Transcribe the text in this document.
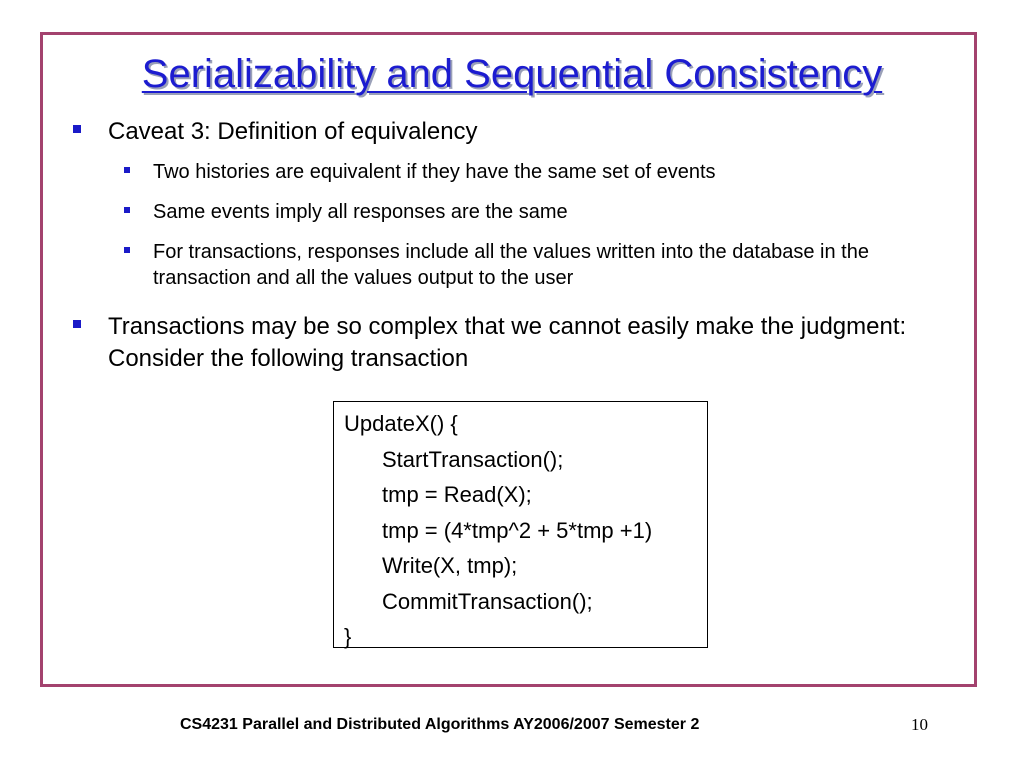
Serializability and Sequential Consistency
Caveat 3: Definition of equivalency
Two histories are equivalent if they have the same set of events
Same events imply all responses are the same
For transactions, responses include all the values written into the database in the transaction and all the values output to the user
Transactions may be so complex that we cannot easily make the judgment: Consider the following transaction
UpdateX() {
StartTransaction();
tmp = Read(X);
tmp = (4*tmp^2 + 5*tmp +1)
Write(X, tmp);
CommitTransaction();
}
CS4231 Parallel and Distributed Algorithms AY2006/2007 Semester 2	10
